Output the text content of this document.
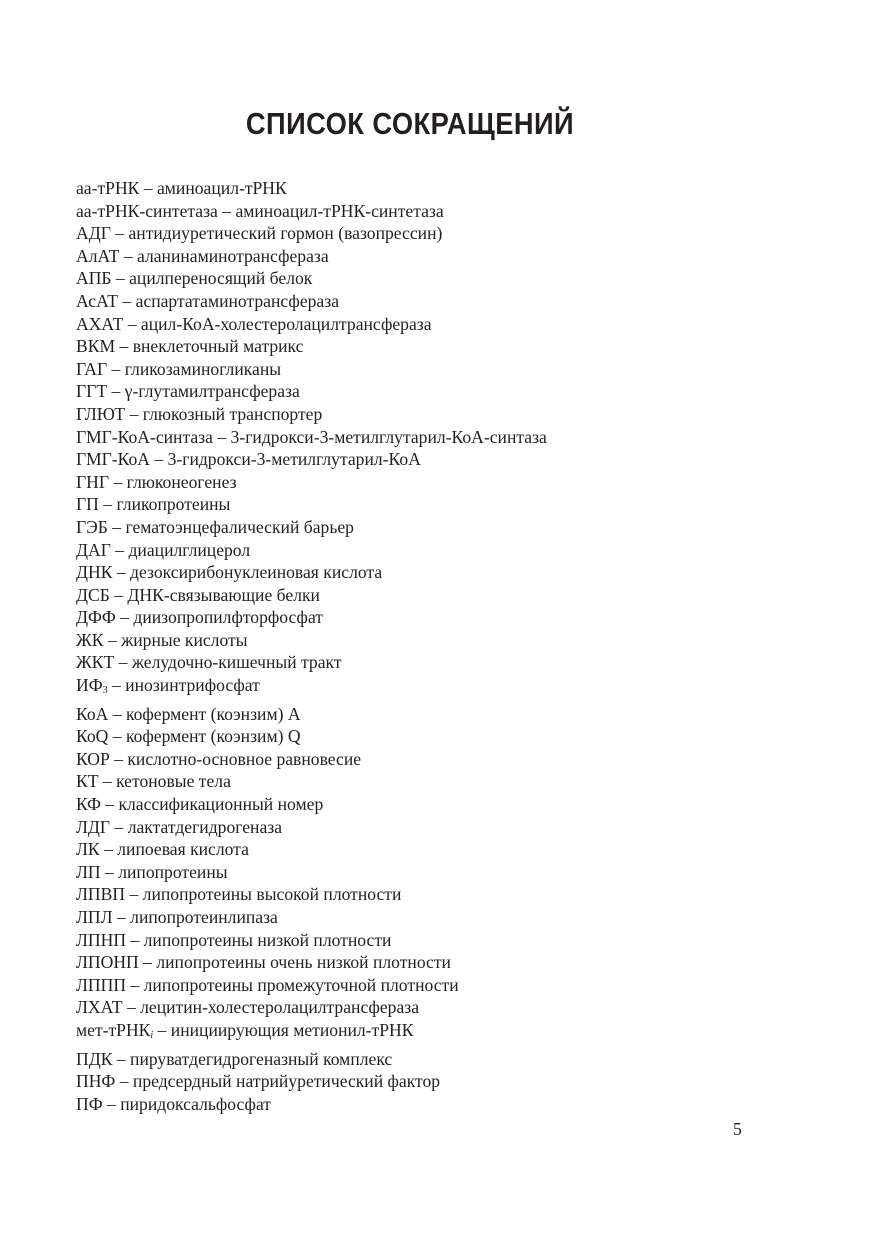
СПИСОК СОКРАЩЕНИЙ
аа-тРНК – аминоацил-тРНК
аа-тРНК-синтетаза – аминоацил-тРНК-синтетаза
АДГ – антидиуретический гормон (вазопрессин)
АлАТ – аланинаминотрансфераза
АПБ – ацилпереносящий белок
АсАТ – аспартатаминотрансфераза
АХАТ – ацил-КоА-холестеролацилтрансфераза
ВКМ – внеклеточный матрикс
ГАГ – гликозаминогликаны
ГГТ – γ-глутамилтрансфераза
ГЛЮТ – глюкозный транспортер
ГМГ-КоА-синтаза – 3-гидрокси-3-метилглутарил-КоА-синтаза
ГМГ-КоА – 3-гидрокси-3-метилглутарил-КоА
ГНГ – глюконеогенез
ГП – гликопротеины
ГЭБ – гематоэнцефалический барьер
ДАГ – диацилглицерол
ДНК – дезоксирибонуклеиновая кислота
ДСБ – ДНК-связывающие белки
ДФФ – диизопропилфторфосфат
ЖК – жирные кислоты
ЖКТ – желудочно-кишечный тракт
$ИФ_3$ – инозинтрифосфат
КоА – кофермент (коэнзим) А
КоQ – кофермент (коэнзим) Q
КОР – кислотно-основное равновесие
КТ – кетоновые тела
КФ – классификационный номер
ЛДГ – лактатдегидрогеназа
ЛК – липоевая кислота
ЛП – липопротеины
ЛПВП – липопротеины высокой плотности
ЛПЛ – липопротеинлипаза
ЛПНП – липопротеины низкой плотности
ЛПОНП – липопротеины очень низкой плотности
ЛППП – липопротеины промежуточной плотности
ЛХАТ – лецитин-холестеролацилтрансфераза
мет-тРНК$_i$ – инициирующия метионил-тРНК
ПДК – пируватдегидрогеназный комплекс
ПНФ – предсердный натрийуретический фактор
ПФ – пиридоксальфосфат
5
